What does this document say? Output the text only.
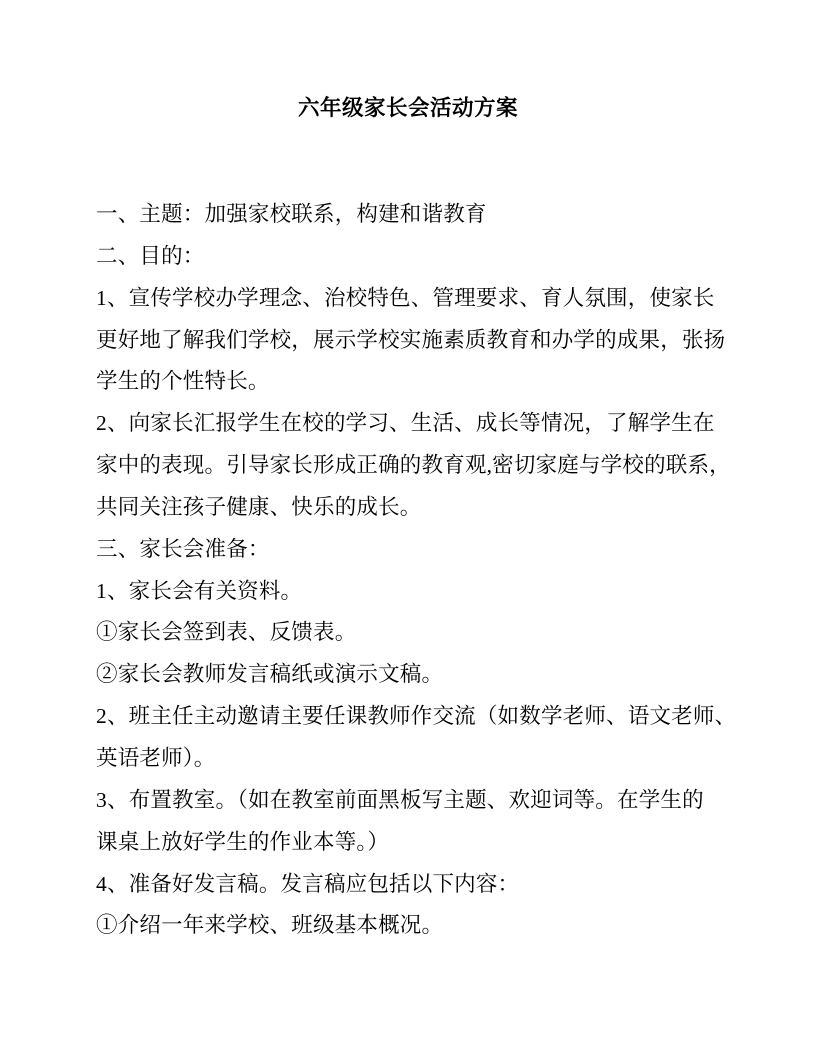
六年级家长会活动方案
一、主题：加强家校联系，构建和谐教育
二、目的：
1、宣传学校办学理念、治校特色、管理要求、育人氛围，使家长
更好地了解我们学校，展示学校实施素质教育和办学的成果，张扬
学生的个性特长。
2、向家长汇报学生在校的学习、生活、成长等情况，了解学生在
家中的表现。引导家长形成正确的教育观,密切家庭与学校的联系，
共同关注孩子健康、快乐的成长。
三、家长会准备：
1、家长会有关资料。
①家长会签到表、反馈表。
②家长会教师发言稿纸或演示文稿。
2、班主任主动邀请主要任课教师作交流（如数学老师、语文老师、
英语老师）。
3、布置教室。（如在教室前面黑板写主题、欢迎词等。在学生的
课桌上放好学生的作业本等。）
4、准备好发言稿。发言稿应包括以下内容：
①介绍一年来学校、班级基本概况。
